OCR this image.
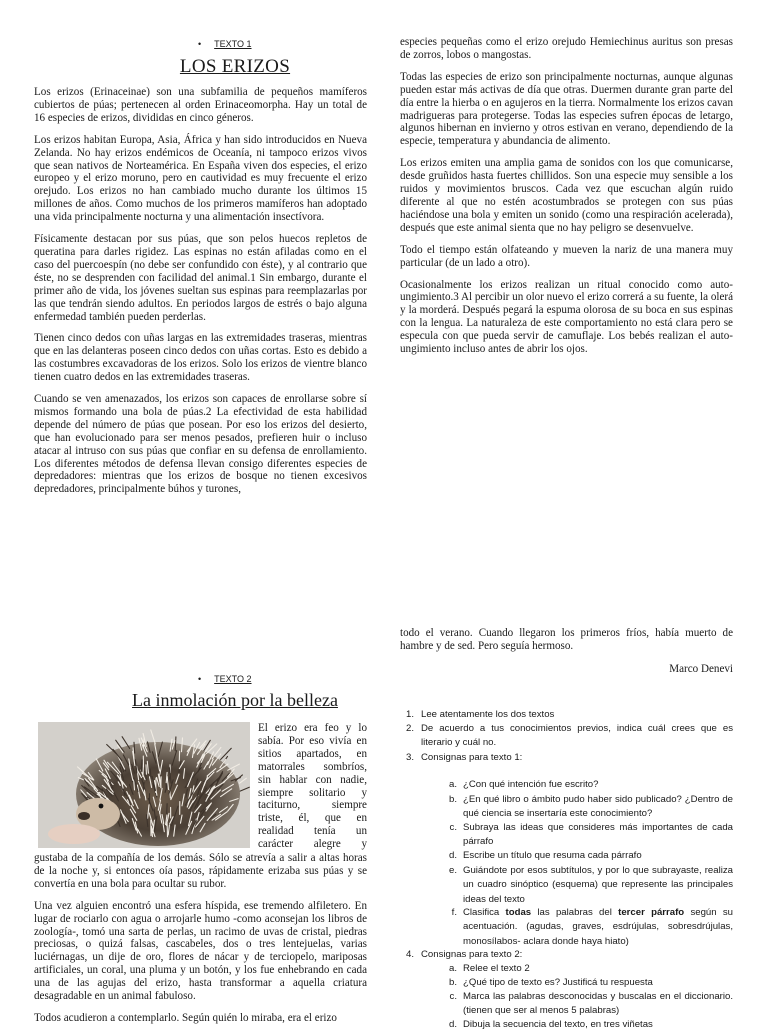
• TEXTO 1
LOS ERIZOS

Los erizos (Erinaceinae) son una subfamilia de pequeños mamíferos cubiertos de púas; pertenecen al orden Erinaceomorpha. Hay un total de 16 especies de erizos, divididas en cinco géneros.

Los erizos habitan Europa, Asia, África y han sido introducidos en Nueva Zelanda. No hay erizos endémicos de Oceanía, ni tampoco erizos vivos que sean nativos de Norteamérica. En España viven dos especies, el erizo europeo y el erizo moruno, pero en cautividad es muy frecuente el erizo orejudo. Los erizos no han cambiado mucho durante los últimos 15 millones de años. Como muchos de los primeros mamíferos han adoptado una vida principalmente nocturna y una alimentación insectívora.

Físicamente destacan por sus púas, que son pelos huecos repletos de queratina para darles rigidez. Las espinas no están afiladas como en el caso del puercoespín (no debe ser confundido con éste), y al contrario que éste, no se desprenden con facilidad del animal.1 Sin embargo, durante el primer año de vida, los jóvenes sueltan sus espinas para reemplazarlas por las que tendrán siendo adultos. En periodos largos de estrés o bajo alguna enfermedad también pueden perderlas.

Tienen cinco dedos con uñas largas en las extremidades traseras, mientras que en las delanteras poseen cinco dedos con uñas cortas. Esto es debido a las costumbres excavadoras de los erizos. Solo los erizos de vientre blanco tienen cuatro dedos en las extremidades traseras.

Cuando se ven amenazados, los erizos son capaces de enrollarse sobre sí mismos formando una bola de púas.2 La efectividad de esta habilidad depende del número de púas que posean. Por eso los erizos del desierto, que han evolucionado para ser menos pesados, prefieren huir o incluso atacar al intruso con sus púas que confiar en su defensa de enrollamiento. Los diferentes métodos de defensa llevan consigo diferentes especies de depredadores: mientras que los erizos de bosque no tienen excesivos depredadores, principalmente búhos y turones,

especies pequeñas como el erizo orejudo Hemiechinus auritus son presas de zorros, lobos o mangostas.

Todas las especies de erizo son principalmente nocturnas, aunque algunas pueden estar más activas de día que otras. Duermen durante gran parte del día entre la hierba o en agujeros en la tierra. Normalmente los erizos cavan madrigueras para protegerse. Todas las especies sufren épocas de letargo, algunos hibernan en invierno y otros estivan en verano, dependiendo de la especie, temperatura y abundancia de alimento.

Los erizos emiten una amplia gama de sonidos con los que comunicarse, desde gruñidos hasta fuertes chillidos. Son una especie muy sensible a los ruidos y movimientos bruscos. Cada vez que escuchan algún ruido diferente al que no estén acostumbrados se protegen con sus púas haciéndose una bola y emiten un sonido (como una respiración acelerada), después que este animal sienta que no hay peligro se desenvuelve.

Todo el tiempo están olfateando y mueven la nariz de una manera muy particular (de un lado a otro).

Ocasionalmente los erizos realizan un ritual conocido como auto-ungimiento.3 Al percibir un olor nuevo el erizo correrá a su fuente, la olerá y la morderá. Después pegará la espuma olorosa de su boca en sus espinas con la lengua. La naturaleza de este comportamiento no está clara pero se especula con que pueda servir de camuflaje. Los bebés realizan el auto-ungimiento incluso antes de abrir los ojos.

• TEXTO 2
La inmolación por la belleza
El erizo era feo y lo
sabía. Por eso vivía en
sitios apartados, en
matorrales sombríos,
sin hablar con nadie,
siempre solitario y
taciturno, siempre
triste, él, que en
realidad tenía un
carácter alegre y

gustaba de la compañía de los demás. Sólo se atrevía a salir a altas horas de la noche y, si entonces oía pasos, rápidamente erizaba sus púas y se convertía en una bola para ocultar su rubor.

Una vez alguien encontró una esfera híspida, ese tremendo alfiletero. En lugar de rociarlo con agua o arrojarle humo -como aconsejan los libros de zoología-, tomó una sarta de perlas, un racimo de uvas de cristal, piedras preciosas, o quizá falsas, cascabeles, dos o tres lentejuelas, varias luciérnagas, un dije de oro, flores de nácar y de terciopelo, mariposas artificiales, un coral, una pluma y un botón, y los fue enhebrando en cada una de las agujas del erizo, hasta transformar a aquella criatura desagradable en un animal fabuloso.

Todos acudieron a contemplarlo. Según quién lo miraba, era el erizo

todo el verano. Cuando llegaron los primeros fríos, había muerto de hambre y de sed. Pero seguía hermoso.

Marco Denevi
1. Lee atentamente los dos textos
2. De acuerdo a tus conocimientos previos, indica cuál crees que es literario y cuál no.
3. Consignas para texto 1:
a. ¿Con qué intención fue escrito?
b. ¿En qué libro o ámbito pudo haber sido publicado? ¿Dentro de qué ciencia se insertaría este conocimiento?
c. Subraya las ideas que consideres más importantes de cada párrafo
d. Escribe un título que resuma cada párrafo
e. Guiándote por esos subtítulos, y por lo que subrayaste, realiza un cuadro sinóptico (esquema) que represente las principales ideas del texto
f. Clasifica todas las palabras del tercer párrafo según su acentuación. (agudas, graves, esdrújulas, sobresdrújulas, monosílabos- aclara donde haya hiato)
4. Consignas para texto 2:
a. Relee el texto 2
b. ¿Qué tipo de texto es? Justificá tu respuesta
c. Marca las palabras desconocidas y buscalas en el diccionario. (tienen que ser al menos 5 palabras)
d. Dibuja la secuencia del texto, en tres viñetas
